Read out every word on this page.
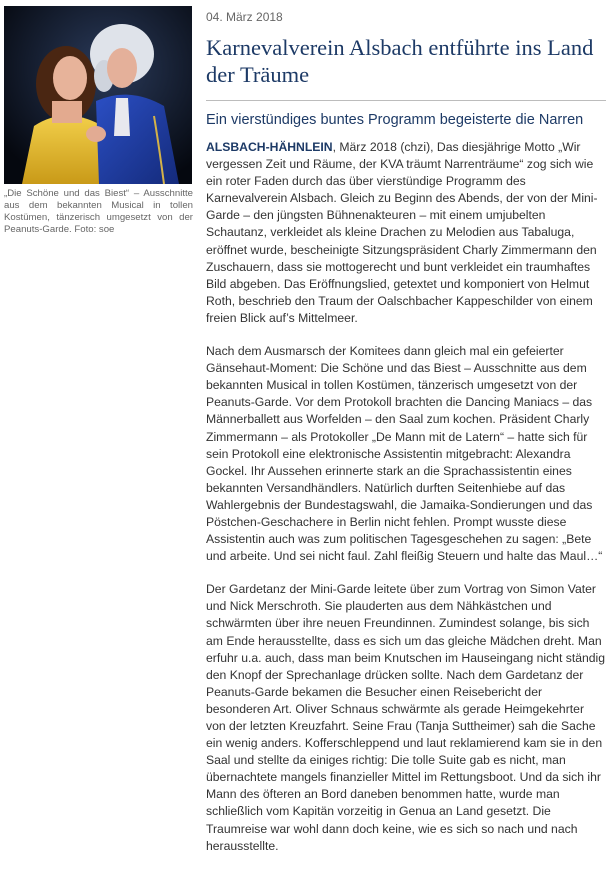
„Die Schöne und das Biest“ – Ausschnitte aus dem bekannten Musical in tollen Kostümen, tänzerisch umgesetzt von der Peanuts-Garde. Foto: soe
04. März 2018
Karnevalverein Alsbach entführte ins Land der Träume
Ein vierstündiges buntes Programm begeisterte die Narren

ALSBACH-HÄHNLEIN, März 2018 (chzi), Das diesjährige Motto „Wir vergessen Zeit und Räume, der KVA träumt Narrenträume“ zog sich wie ein roter Faden durch das über vierstündige Programm des Karnevalverein Alsbach. Gleich zu Beginn des Abends, der von der Mini-Garde – den jüngsten Bühnenakteuren – mit einem umjubelten Schautanz, verkleidet als kleine Drachen zu Melodien aus Tabaluga, eröffnet wurde, bescheinigte Sitzungspräsident Charly Zimmermann den Zuschauern, dass sie mottogerecht und bunt verkleidet ein traumhaftes Bild abgeben. Das Eröffnungslied, getextet und komponiert von Helmut Roth, beschrieb den Traum der Oalschbacher Kappeschilder von einem freien Blick auf’s Mittelmeer.

Nach dem Ausmarsch der Komitees dann gleich mal ein gefeierter Gänsehaut-Moment: Die Schöne und das Biest – Ausschnitte aus dem bekannten Musical in tollen Kostümen, tänzerisch umgesetzt von der Peanuts-Garde. Vor dem Protokoll brachten die Dancing Maniacs – das Männerballett aus Worfelden – den Saal zum kochen. Präsident Charly Zimmermann – als Protokoller „De Mann mit de Latern“ – hatte sich für sein Protokoll eine elektronische Assistentin mitgebracht: Alexandra Gockel. Ihr Aussehen erinnerte stark an die Sprachassistentin eines bekannten Versandhändlers. Natürlich durften Seitenhiebe auf das Wahlergebnis der Bundestagswahl, die Jamaika-Sondierungen und das Pöstchen-Geschachere in Berlin nicht fehlen. Prompt wusste diese Assistentin auch was zum politischen Tagesgeschehen zu sagen: „Bete und arbeite. Und sei nicht faul. Zahl fleißig Steuern und halte das Maul…“

Der Gardetanz der Mini-Garde leitete über zum Vortrag von Simon Vater und Nick Merschroth. Sie plauderten aus dem Nähkästchen und schwärmten über ihre neuen Freundinnen. Zumindest solange, bis sich am Ende herausstellte, dass es sich um das gleiche Mädchen dreht. Man erfuhr u.a. auch, dass man beim Knutschen im Hauseingang nicht ständig den Knopf der Sprechanlage drücken sollte. Nach dem Gardetanz der Peanuts-Garde bekamen die Besucher einen Reisebericht der besonderen Art. Oliver Schnaus schwärmte als gerade Heimgekehrter von der letzten Kreuzfahrt. Seine Frau (Tanja Suttheimer) sah die Sache ein wenig anders. Kofferschleppend und laut reklamierend kam sie in den Saal und stellte da einiges richtig: Die tolle Suite gab es nicht, man übernachtete mangels finanzieller Mittel im Rettungsboot. Und da sich ihr Mann des öfteren an Bord daneben benommen hatte, wurde man schließlich vom Kapitän vorzeitig in Genua an Land gesetzt. Die Traumreise war wohl dann doch keine, wie es sich so nach und nach herausstellte.
